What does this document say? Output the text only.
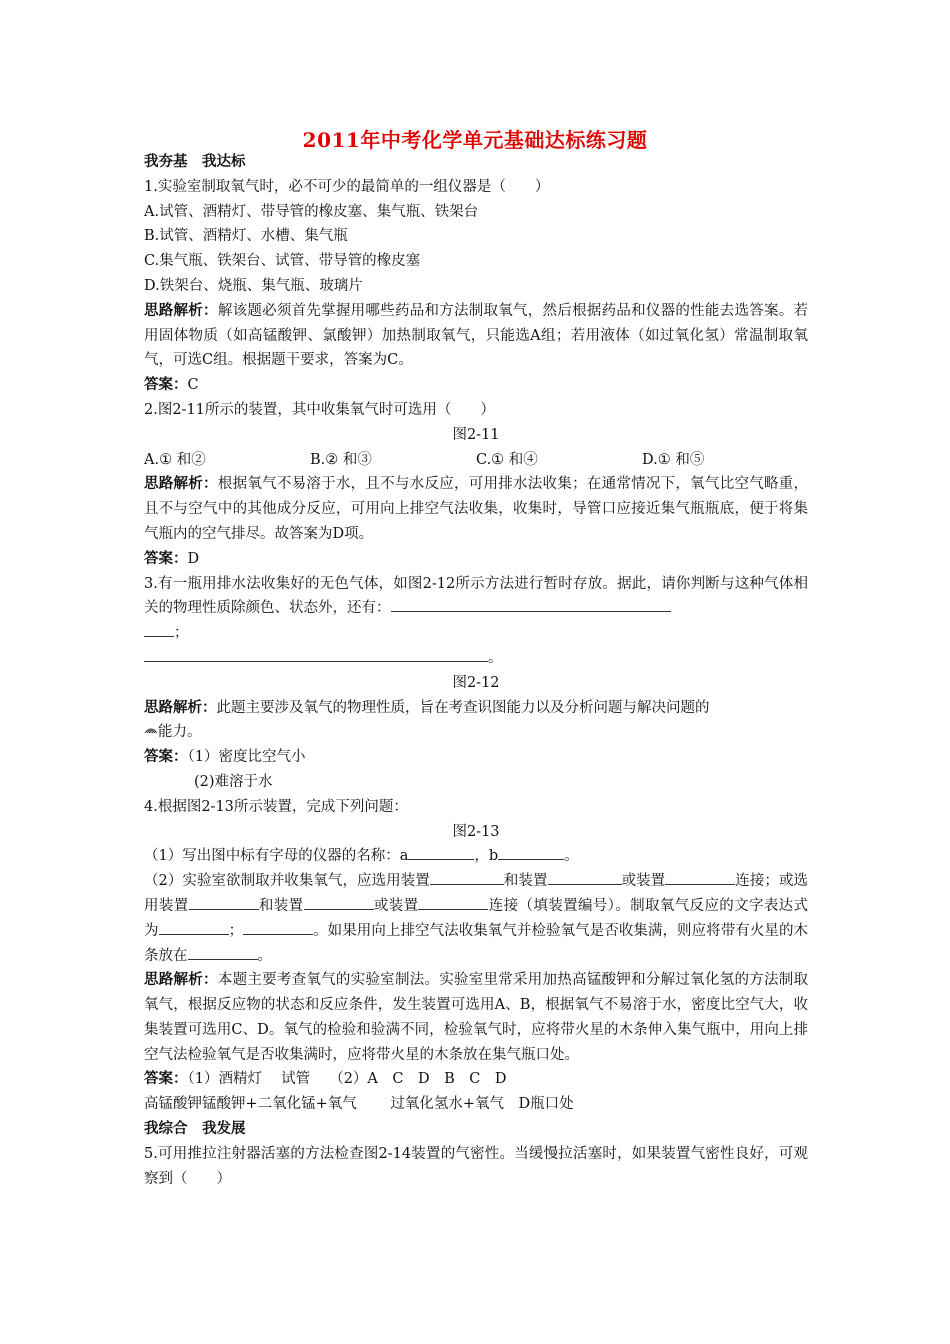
2011年中考化学单元基础达标练习题
我夯基　我达标
1.实验室制取氧气时，必不可少的最简单的一组仪器是（　　）
A.试管、酒精灯、带导管的橡皮塞、集气瓶、铁架台
B.试管、酒精灯、水槽、集气瓶
C.集气瓶、铁架台、试管、带导管的橡皮塞
D.铁架台、烧瓶、集气瓶、玻璃片
思路解析：解该题必须首先掌握用哪些药品和方法制取氧气，然后根据药品和仪器的性能去选答案。若用固体物质（如高锰酸钾、氯酸钾）加热制取氧气，只能选A组；若用液体（如过氧化氢）常温制取氧气，可选C组。根据题干要求，答案为C。
答案：C
2.图2-11所示的装置，其中收集氧气时可选用（　　）
图2-11
A.① 和②	B.② 和③	C.① 和④	D.① 和⑤
思路解析：根据氧气不易溶于水，且不与水反应，可用排水法收集；在通常情况下，氧气比空气略重，且不与空气中的其他成分反应，可用向上排空气法收集，收集时，导管口应接近集气瓶瓶底，便于将集气瓶内的空气排尽。故答案为D项。
答案：D
3.有一瓶用排水法收集好的无色气体，如图2-12所示方法进行暂时存放。据此，请你判断与这种气体相关的物理性质除颜色、状态外，还有：
；
。
图2-12
思路解析：此题主要涉及氧气的物理性质，旨在考查识图能力以及分析问题与解决问题的
能力。
答案：（1）密度比空气小
(2)难溶于水
4.根据图2-13所示装置，完成下列问题：
图2-13
（1）写出图中标有字母的仪器的名称：a	，b	。
（2）实验室欲制取并收集氧气，应选用装置	和装置	或装置	连接；或选用装置	和装置	或装置	连接（填装置编号）。制取氧气反应的文字表达式为	；	。如果用向上排空气法收集氧气并检验氧气是否收集满，则应将带有火星的木条放在	。
思路解析：本题主要考查氧气的实验室制法。实验室里常采用加热高锰酸钾和分解过氧化氢的方法制取氧气，根据反应物的状态和反应条件，发生装置可选用A、B，根据氧气不易溶于水，密度比空气大，收集装置可选用C、D。氧气的检验和验满不同，检验氧气时，应将带火星的木条伸入集气瓶中，用向上排空气法检验氧气是否收集满时，应将带火星的木条放在集气瓶口处。
答案：（1）酒精灯　 试管　 （2）A　C　D　B　C　D
高锰酸钾锰酸钾+二氧化锰+氧气　　 过氧化氢水+氧气　D瓶口处
我综合　我发展
5.可用推拉注射器活塞的方法检查图2-14装置的气密性。当缓慢拉活塞时，如果装置气密性良好，可观察到（　　）
